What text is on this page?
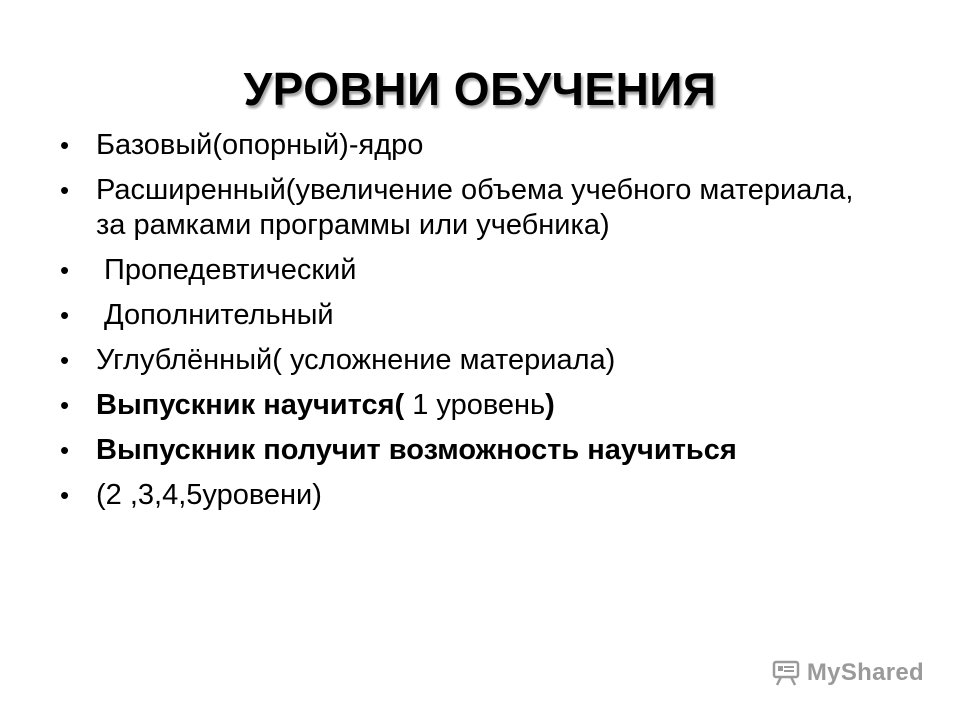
УРОВНИ ОБУЧЕНИЯ
• Базовый(опорный)-ядро
• Расширенный(увеличение объема учебного материала, за рамками программы или учебника)
•	Пропедевтический
•	Дополнительный
• Углублённый( усложнение материала)
• Выпускник научится( 1 уровень)
• Выпускник получит возможность научиться
• (2 ,3,4,5уровени)
MyShared
